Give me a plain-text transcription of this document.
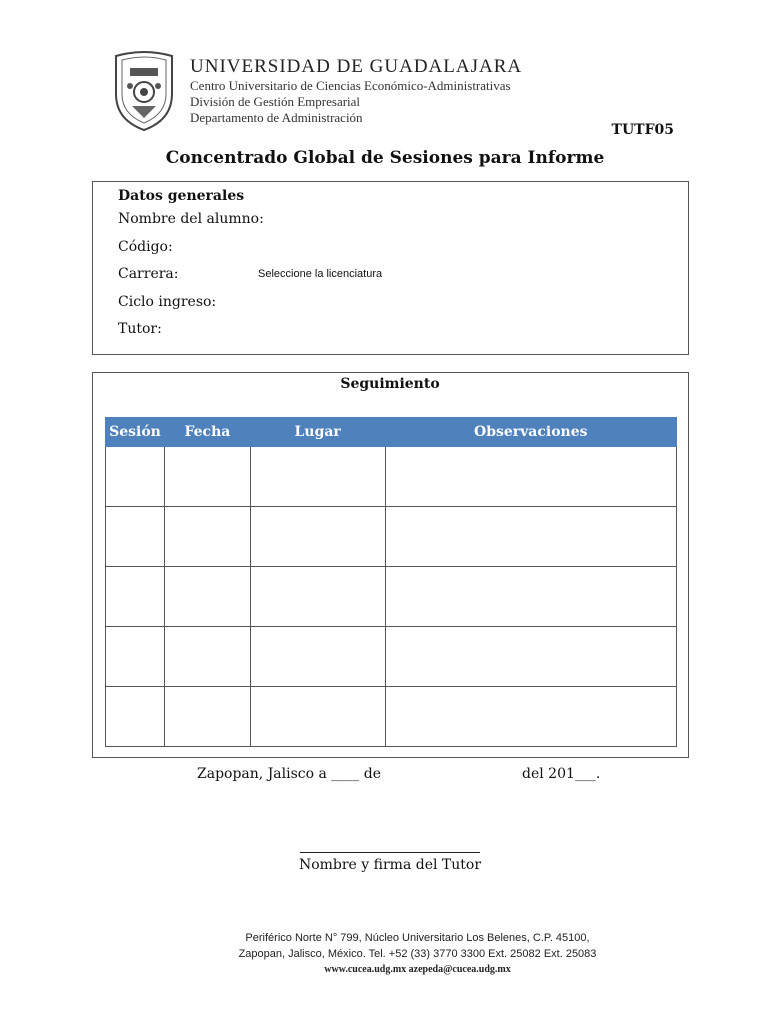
UNIVERSIDAD DE GUADALAJARA
Centro Universitario de Ciencias Económico-Administrativas
División de Gestión Empresarial
Departamento de Administración
TUTF05
Concentrado Global de Sesiones para Informe
Datos generales
Nombre del alumno:
Código:
Carrera:	Seleccione la licenciatura
Ciclo ingreso:
Tutor:
Seguimiento
Sesión	Fecha	Lugar	Observaciones

Zapopan, Jalisco a ____ de	del 201___.
Nombre y firma del Tutor
Periférico Norte N° 799, Núcleo Universitario Los Belenes, C.P. 45100,
Zapopan, Jalisco, México. Tel. +52 (33) 3770 3300 Ext. 25082 Ext. 25083
www.cucea.udg.mx azepeda@cucea.udg.mx
